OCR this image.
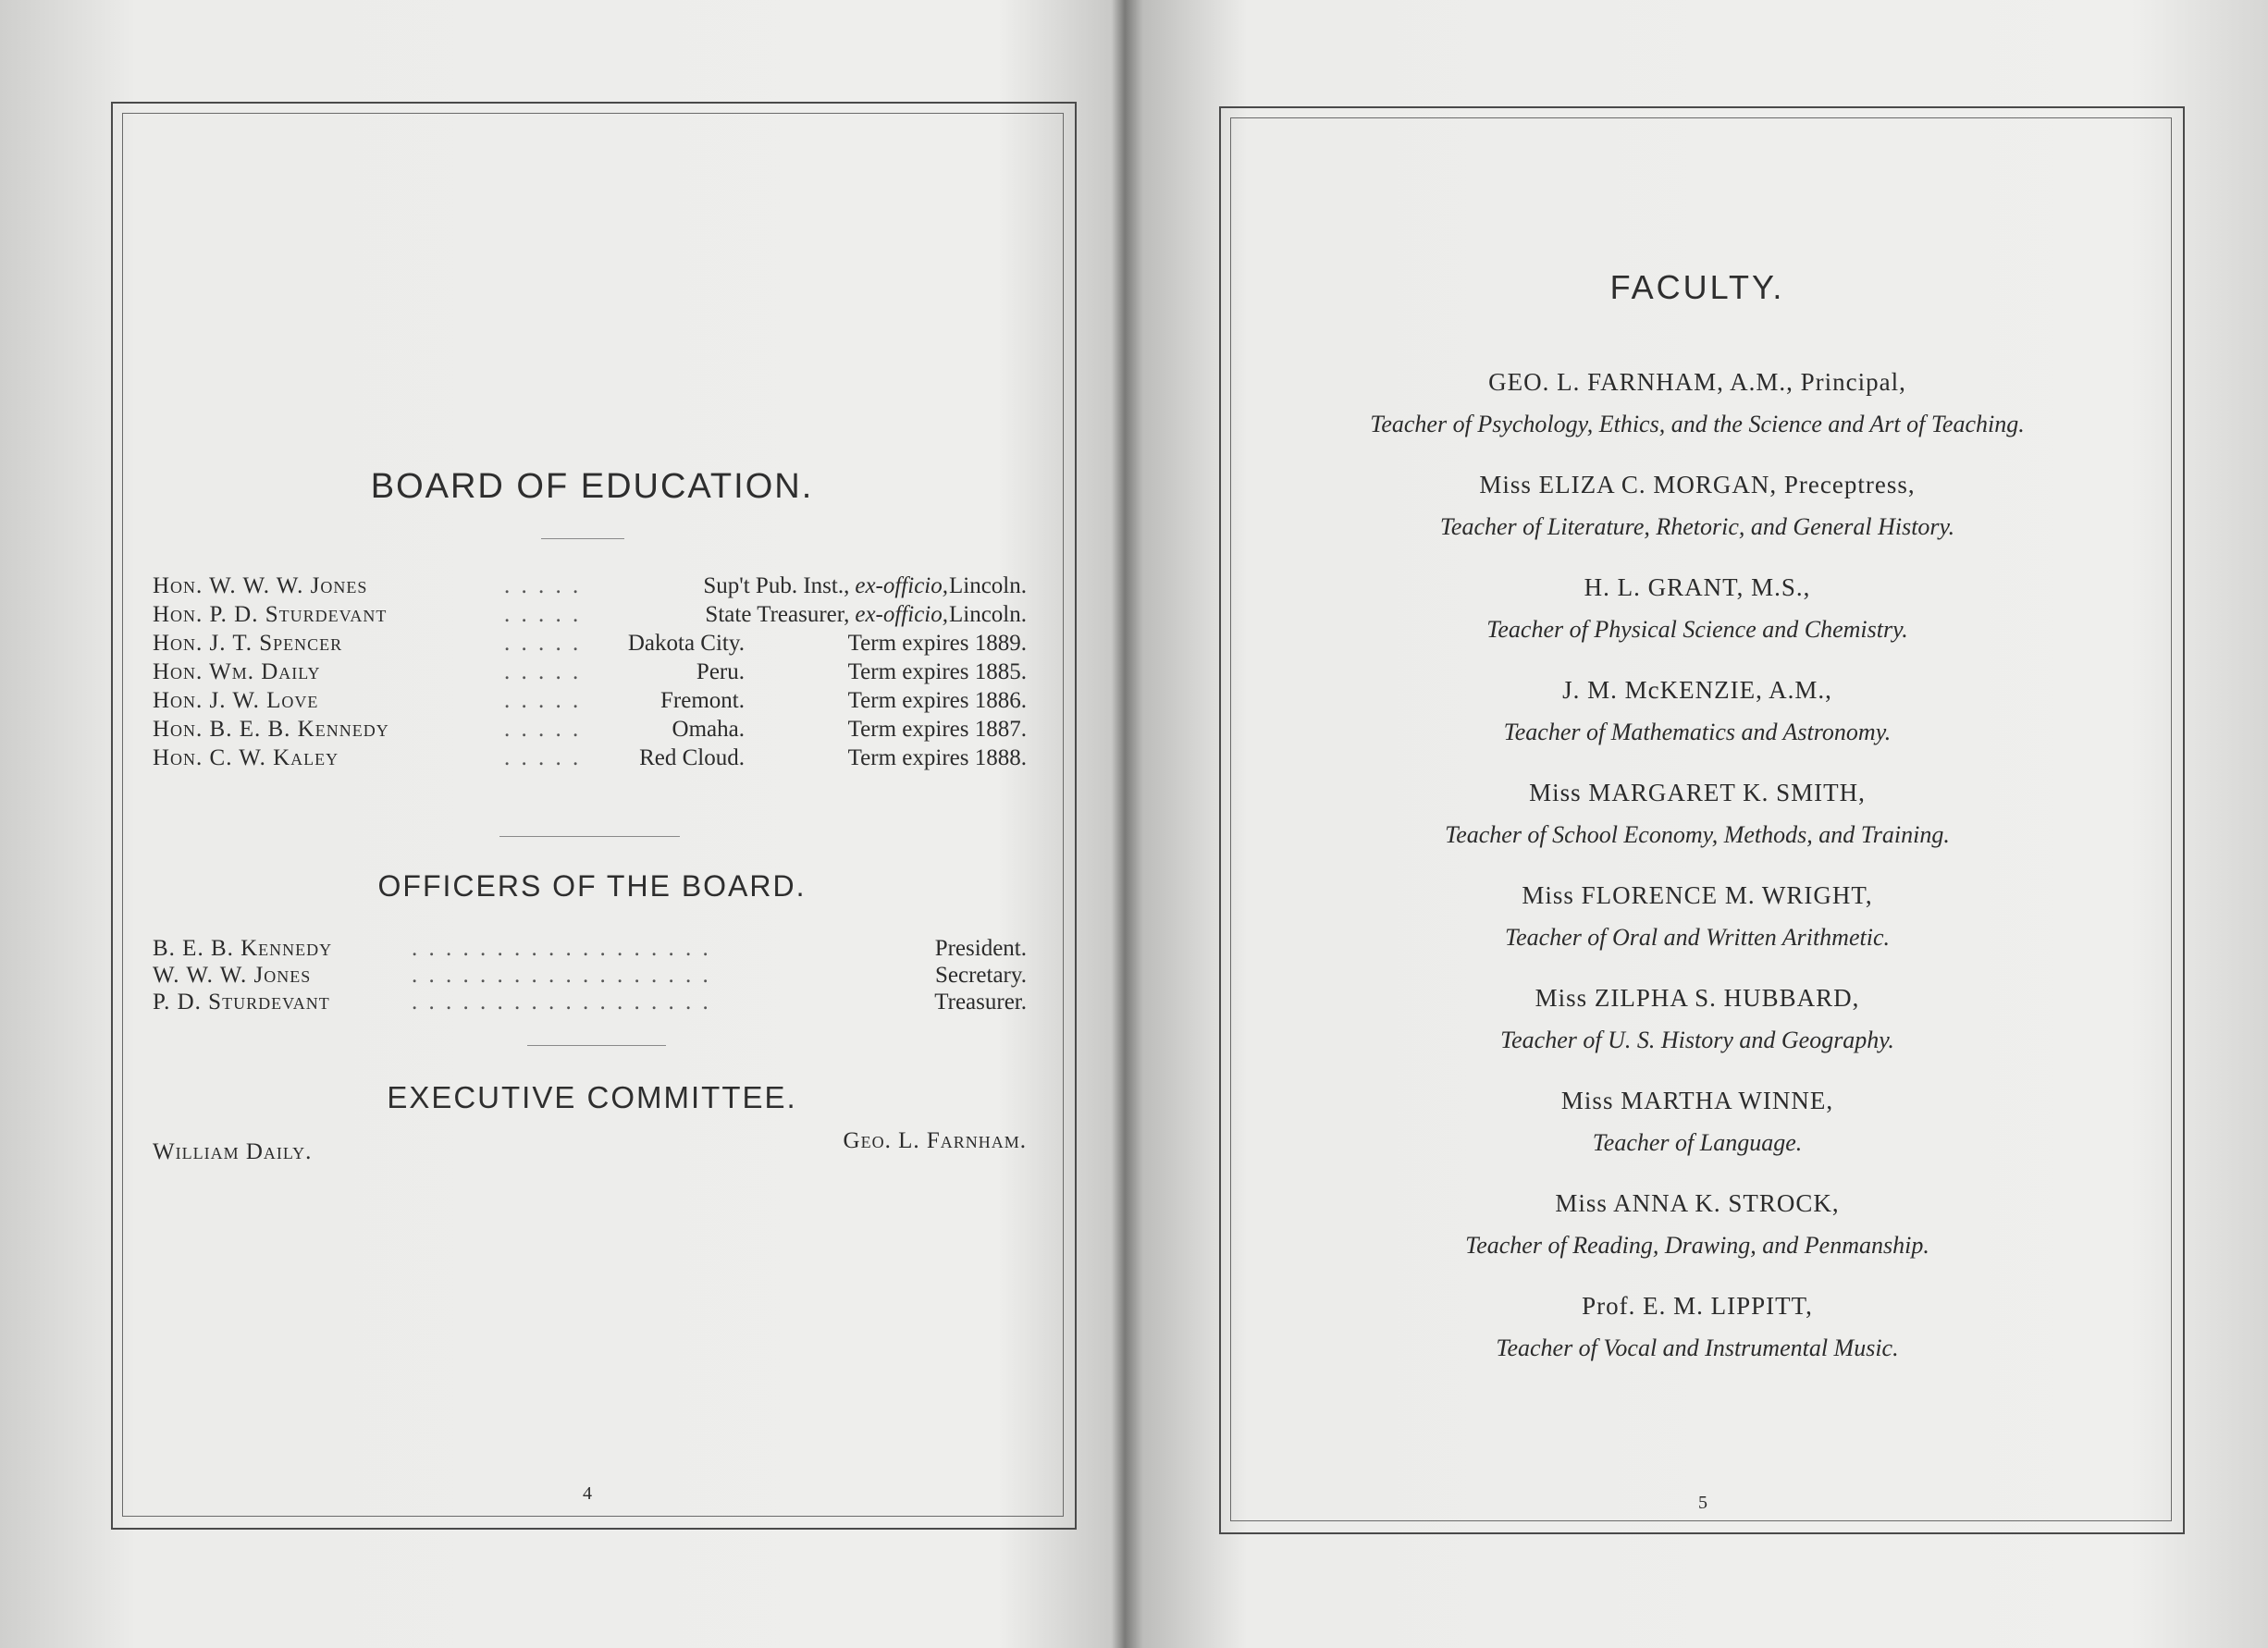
BOARD OF EDUCATION.
Hon. W. W. W. Jones	. . . . .	Sup't Pub. Inst., ex-officio, Lincoln.
Hon. P. D. Sturdevant	. . . . .	State Treasurer, ex-officio, Lincoln.
Hon. J. T. Spencer	. . . . .	Dakota City.	Term expires 1889.
Hon. Wm. Daily	. . . . .	Peru.	Term expires 1885.
Hon. J. W. Love	. . . . .	Fremont.	Term expires 1886.
Hon. B. E. B. Kennedy	. . . . .	Omaha.	Term expires 1887.
Hon. C. W. Kaley	. . . . .	Red Cloud.	Term expires 1888.
OFFICERS OF THE BOARD.
B. E. B. Kennedy	. . . . . . . . . . . . . . . . . .	President.
W. W. W. Jones	. . . . . . . . . . . . . . . . . .	Secretary.
P. D. Sturdevant	. . . . . . . . . . . . . . . . . .	Treasurer.
EXECUTIVE COMMITTEE.
William Daily.	Geo. L. Farnham.
4
FACULTY.
GEO. L. FARNHAM, A.M., Principal,
Teacher of Psychology, Ethics, and the Science and Art of Teaching.
Miss ELIZA C. MORGAN, Preceptress,
Teacher of Literature, Rhetoric, and General History.
H. L. GRANT, M.S.,
Teacher of Physical Science and Chemistry.
J. M. McKENZIE, A.M.,
Teacher of Mathematics and Astronomy.
Miss MARGARET K. SMITH,
Teacher of School Economy, Methods, and Training.
Miss FLORENCE M. WRIGHT,
Teacher of Oral and Written Arithmetic.
Miss ZILPHA S. HUBBARD,
Teacher of U. S. History and Geography.
Miss MARTHA WINNE,
Teacher of Language.
Miss ANNA K. STROCK,
Teacher of Reading, Drawing, and Penmanship.
Prof. E. M. LIPPITT,
Teacher of Vocal and Instrumental Music.
5
